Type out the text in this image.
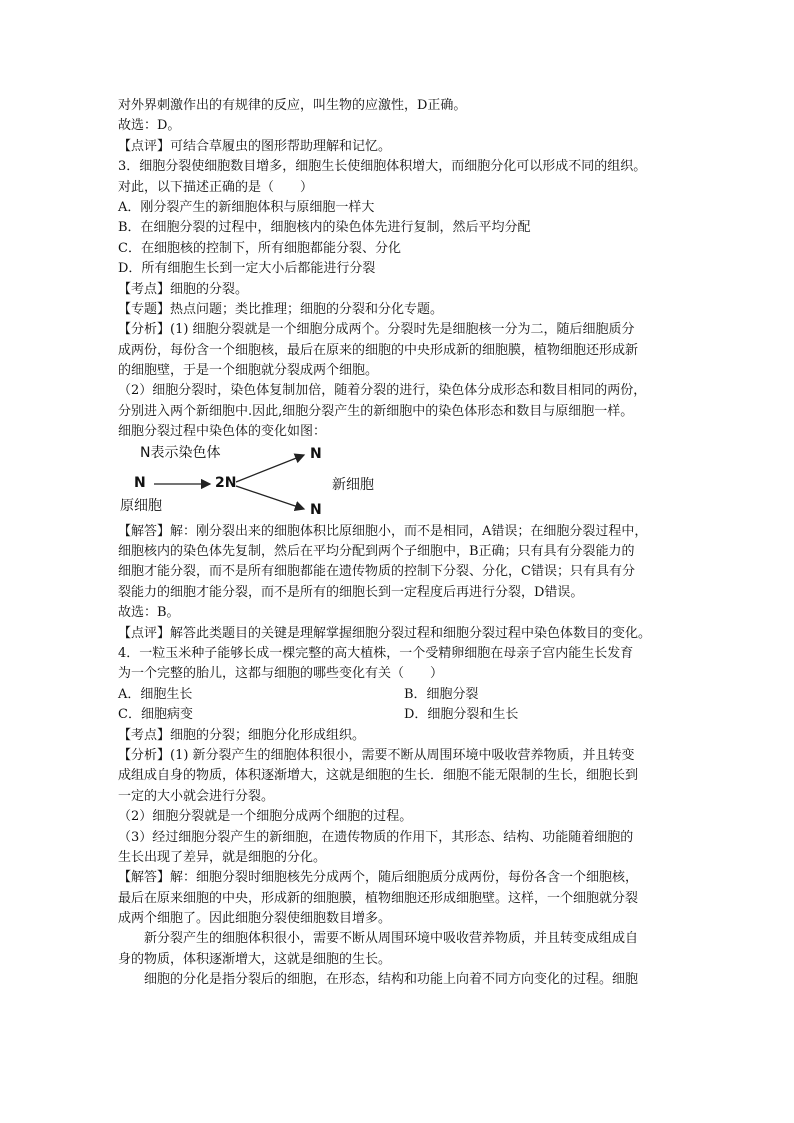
对外界刺激作出的有规律的反应，叫生物的应激性，D正确。
故选：D。
【点评】可结合草履虫的图形帮助理解和记忆。
3．细胞分裂使细胞数目增多，细胞生长使细胞体积增大，而细胞分化可以形成不同的组织。
对此，以下描述正确的是（　　）
A．刚分裂产生的新细胞体积与原细胞一样大
B．在细胞分裂的过程中，细胞核内的染色体先进行复制，然后平均分配
C．在细胞核的控制下，所有细胞都能分裂、分化
D．所有细胞生长到一定大小后都能进行分裂
【考点】细胞的分裂。
【专题】热点问题；类比推理；细胞的分裂和分化专题。
【分析】(1) 细胞分裂就是一个细胞分成两个。分裂时先是细胞核一分为二，随后细胞质分
成两份，每份含一个细胞核，最后在原来的细胞的中央形成新的细胞膜，植物细胞还形成新
的细胞壁，于是一个细胞就分裂成两个细胞。
（2）细胞分裂时，染色体复制加倍，随着分裂的进行，染色体分成形态和数目相同的两份，
分别进入两个新细胞中.因此,细胞分裂产生的新细胞中的染色体形态和数目与原细胞一样。
细胞分裂过程中染色体的变化如图：
N表示染色体
N	2N
N
N
原细胞
新细胞
【解答】解：刚分裂出来的细胞体积比原细胞小，而不是相同，A错误；在细胞分裂过程中，
细胞核内的染色体先复制，然后在平均分配到两个子细胞中，B正确；只有具有分裂能力的
细胞才能分裂，而不是所有细胞都能在遗传物质的控制下分裂、分化，C错误；只有具有分
裂能力的细胞才能分裂，而不是所有的细胞长到一定程度后再进行分裂，D错误。
故选：B。
【点评】解答此类题目的关键是理解掌握细胞分裂过程和细胞分裂过程中染色体数目的变化。
4．一粒玉米种子能够长成一棵完整的高大植株，一个受精卵细胞在母亲子宫内能生长发育
为一个完整的胎儿，这都与细胞的哪些变化有关（　　）
A．细胞生长	B．细胞分裂
C．细胞病变	D．细胞分裂和生长
【考点】细胞的分裂；细胞分化形成组织。
【分析】(1) 新分裂产生的细胞体积很小，需要不断从周围环境中吸收营养物质，并且转变
成组成自身的物质，体积逐渐增大，这就是细胞的生长．细胞不能无限制的生长，细胞长到
一定的大小就会进行分裂。
（2）细胞分裂就是一个细胞分成两个细胞的过程。
（3）经过细胞分裂产生的新细胞，在遗传物质的作用下，其形态、结构、功能随着细胞的
生长出现了差异，就是细胞的分化。
【解答】解：细胞分裂时细胞核先分成两个，随后细胞质分成两份，每份各含一个细胞核，
最后在原来细胞的中央，形成新的细胞膜，植物细胞还形成细胞壁。这样，一个细胞就分裂
成两个细胞了。因此细胞分裂使细胞数目增多。
新分裂产生的细胞体积很小，需要不断从周围环境中吸收营养物质，并且转变成组成自
身的物质，体积逐渐增大，这就是细胞的生长。
细胞的分化是指分裂后的细胞，在形态，结构和功能上向着不同方向变化的过程。细胞
